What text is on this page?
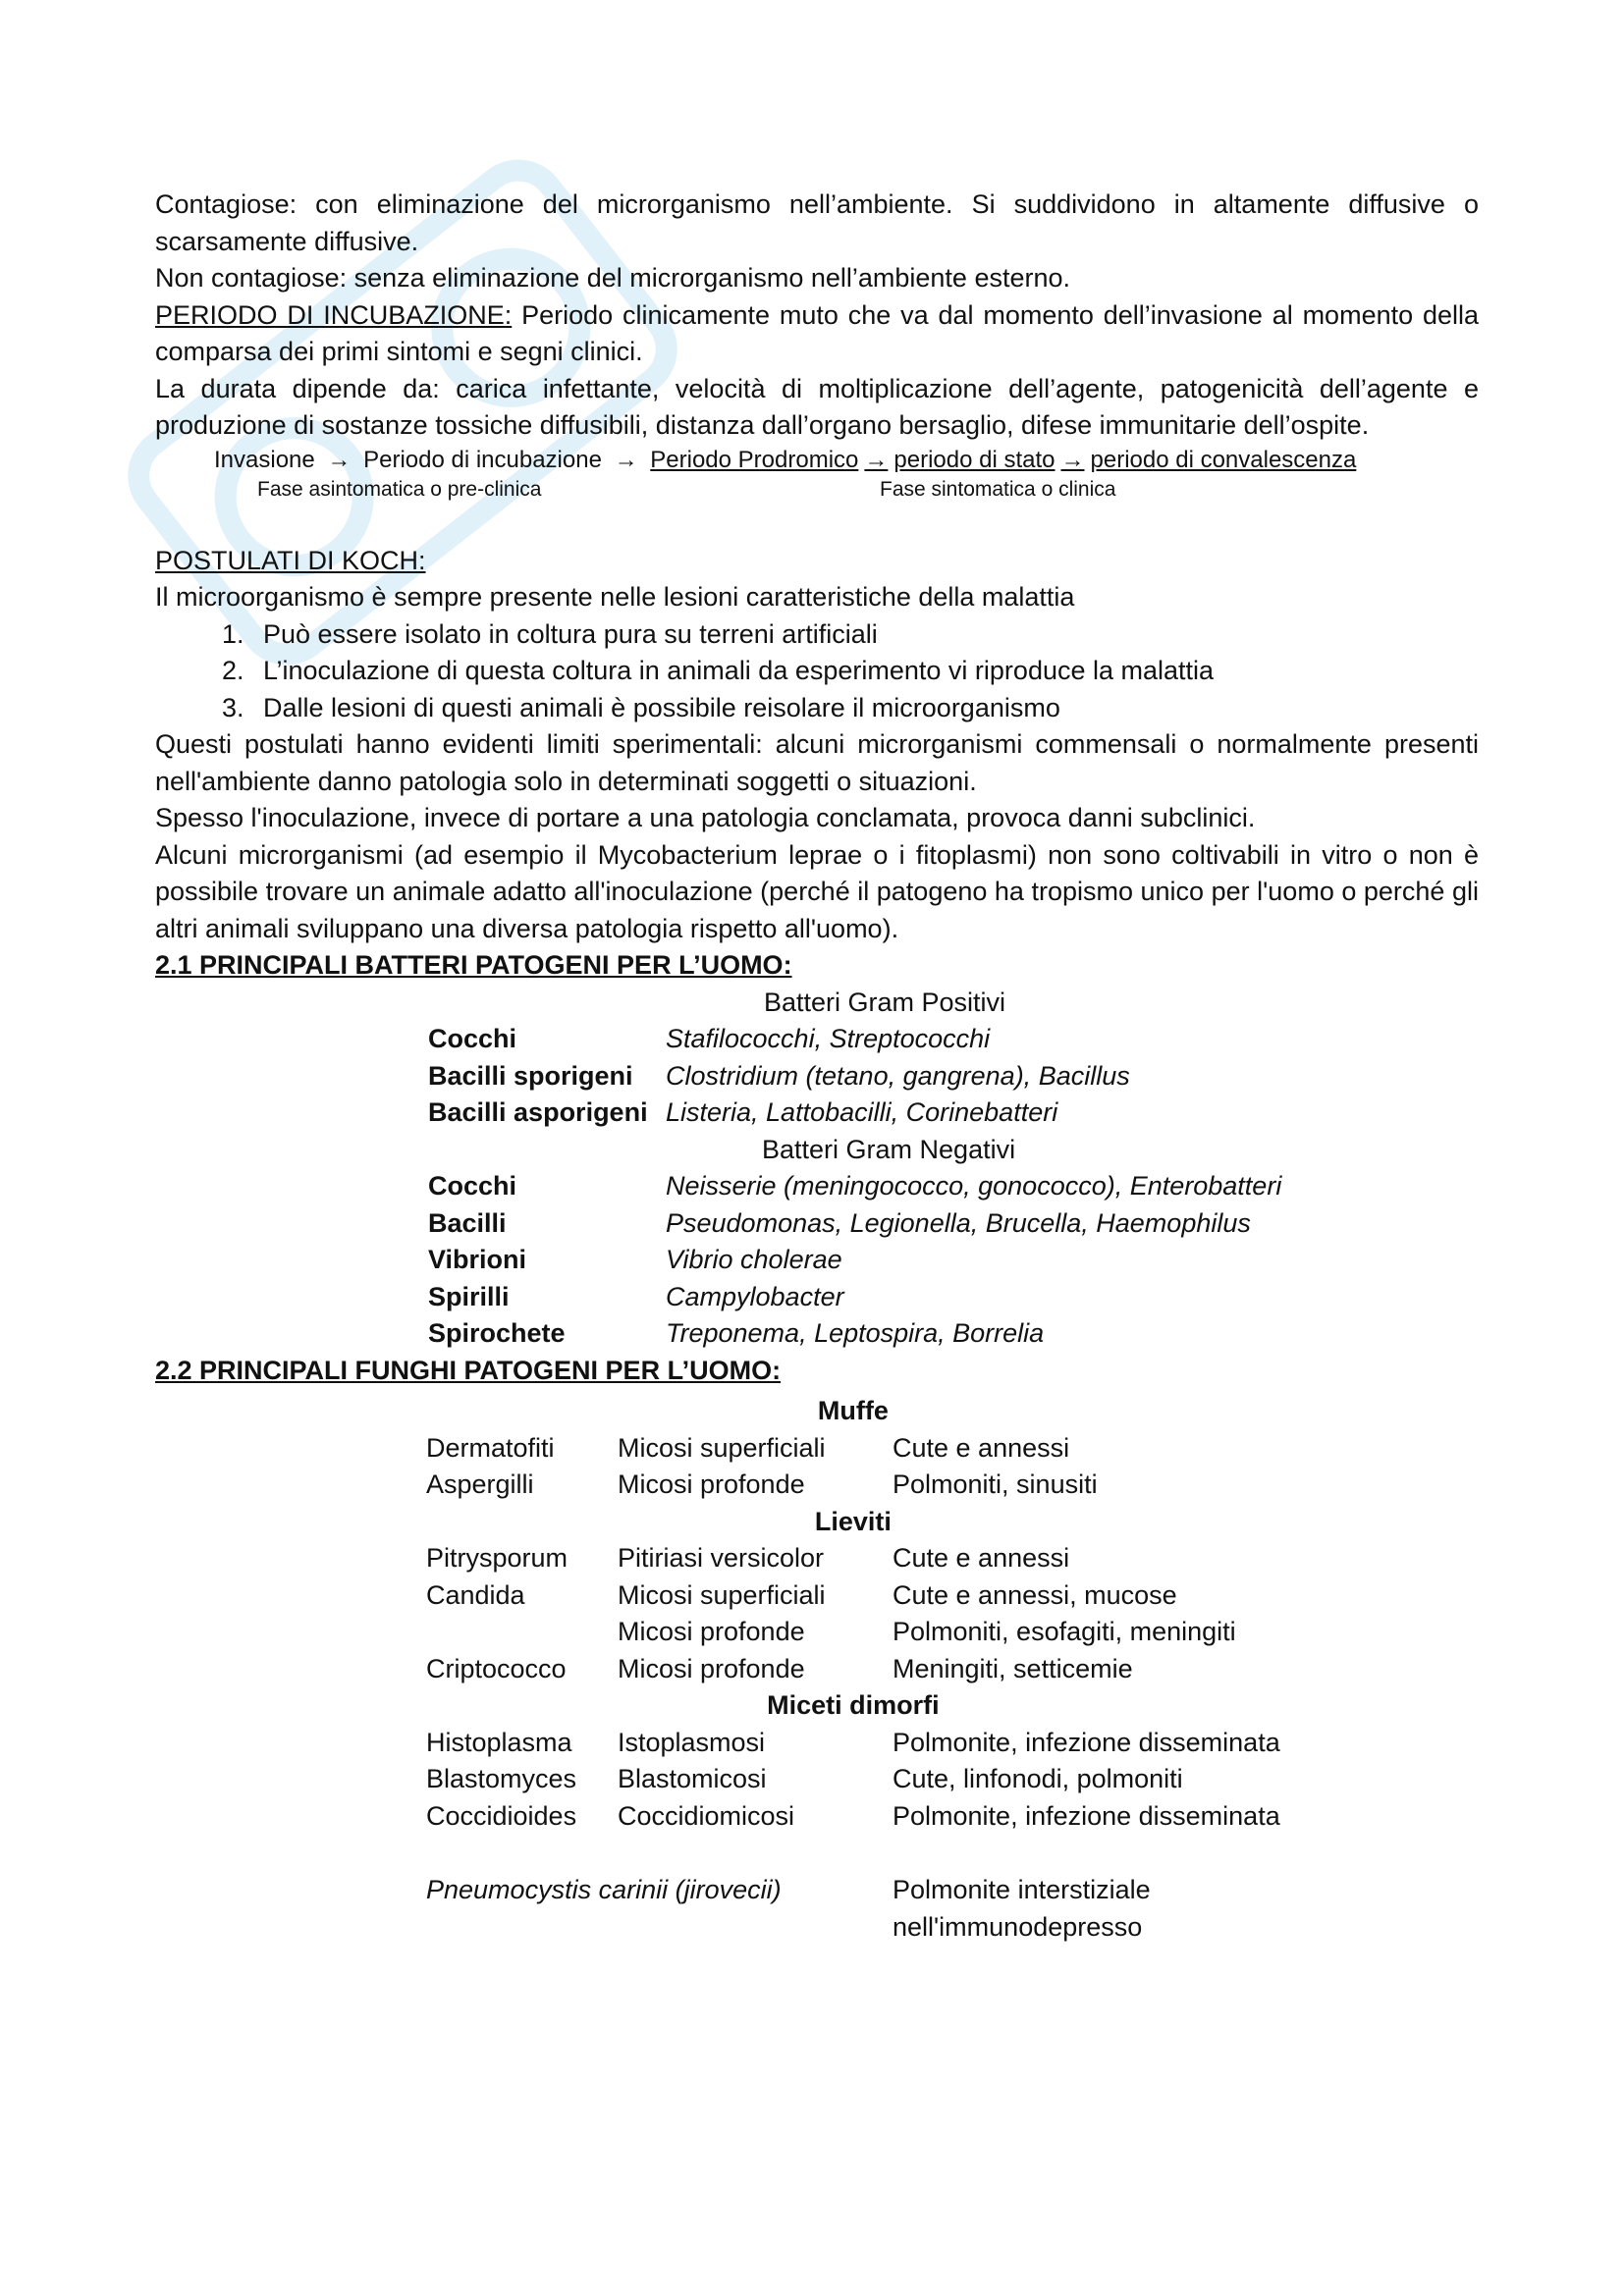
Contagiose: con eliminazione del microrganismo nell’ambiente. Si suddividono in altamente diffusive o scarsamente diffusive.

Non contagiose: senza eliminazione del microrganismo nell’ambiente esterno.

PERIODO DI INCUBAZIONE: Periodo clinicamente muto che va dal momento dell’invasione al momento della comparsa dei primi sintomi e segni clinici.

La durata dipende da: carica infettante, velocità di moltiplicazione dell’agente, patogenicità dell’agente e produzione di sostanze tossiche diffusibili, distanza dall’organo bersaglio, difese immunitarie dell’ospite.

Invasione → Periodo di incubazione → Periodo Prodromico → periodo di stato → periodo di convalescenza
Fase asintomatica o pre-clinica	Fase sintomatica o clinica

POSTULATI DI KOCH:

Il microorganismo è sempre presente nelle lesioni caratteristiche della malattia

1. Può essere isolato in coltura pura su terreni artificiali
2. L’inoculazione di questa coltura in animali da esperimento vi riproduce la malattia
3. Dalle lesioni di questi animali è possibile reisolare il microorganismo

Questi postulati hanno evidenti limiti sperimentali: alcuni microrganismi commensali o normalmente presenti nell'ambiente danno patologia solo in determinati soggetti o situazioni.

Spesso l'inoculazione, invece di portare a una patologia conclamata, provoca danni subclinici.

Alcuni microrganismi (ad esempio il Mycobacterium leprae o i fitoplasmi) non sono coltivabili in vitro o non è possibile trovare un animale adatto all'inoculazione (perché il patogeno ha tropismo unico per l'uomo o perché gli altri animali sviluppano una diversa patologia rispetto all'uomo).

2.1 PRINCIPALI BATTERI PATOGENI PER L’UOMO:

	Batteri Gram Positivi
Cocchi	Stafilococchi, Streptococchi
Bacilli sporigeni	Clostridium (tetano, gangrena), Bacillus
Bacilli asporigeni	Listeria, Lattobacilli, Corinebatteri
	Batteri Gram Negativi
Cocchi	Neisserie (meningococco, gonococco), Enterobatteri
Bacilli	Pseudomonas, Legionella, Brucella, Haemophilus
Vibrioni	Vibrio cholerae
Spirilli	Campylobacter
Spirochete	Treponema, Leptospira, Borrelia

2.2 PRINCIPALI FUNGHI PATOGENI PER L’UOMO:

Muffe		
Dermatofiti	Micosi superficiali	Cute e annessi
Aspergilli	Micosi profonde	Polmoniti, sinusiti
Lieviti		
Pitrysporum	Pitiriasi versicolor	Cute e annessi
Candida	Micosi superficiali	Cute e annessi, mucose
	Micosi profonde	Polmoniti, esofagiti, meningiti
Criptococco	Micosi profonde	Meningiti, setticemie
Miceti dimorfi		
Histoplasma	Istoplasmosi	Polmonite, infezione disseminata
Blastomyces	Blastomicosi	Cute, linfonodi, polmoniti
Coccidioides	Coccidiomicosi	Polmonite, infezione disseminata
Pneumocystis carinii (jirovecii)	Polmonite interstiziale
nell'immunodepresso
